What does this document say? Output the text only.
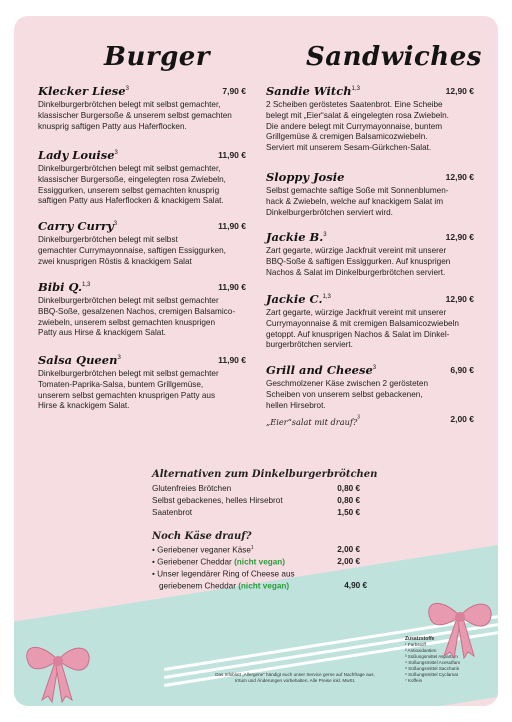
Burger	Sandwiches
Klecker Liese$^3$	7,90 €
Dinkelburgerbrötchen belegt mit selbst gemachter,
klassischer Burgersoße & unserem selbst gemachten
knusprig saftigen Patty aus Haferflocken.
Lady Louise$^3$	11,90 €
Dinkelburgerbrötchen belegt mit selbst gemachter,
klassischer Burgersoße, eingelegten rosa Zwiebeln,
Essiggurken, unserem selbst gemachten knusprig
saftigen Patty aus Haferflocken & knackigem Salat.
Carry Curry$^3$	11,90 €
Dinkelburgerbrötchen belegt mit selbst
gemachter Currymayonnaise, saftigen Essiggurken,
zwei knusprigen Röstis & knackigem Salat
Bibi Q.$^{1,3}$	11,90 €
Dinkelburgerbrötchen belegt mit selbst gemachter
BBQ-Soße, gesalzenen Nachos, cremigen Balsamico-
zwiebeln, unserem selbst gemachten knusprigen
Patty aus Hirse & knackigem Salat.
Salsa Queen$^3$	11,90 €
Dinkelburgerbrötchen belegt mit selbst gemachter
Tomaten-Paprika-Salsa, buntem Grillgemüse,
unserem selbst gemachten knusprigen Patty aus
Hirse & knackigem Salat.
Sandie Witch$^{1,3}$	12,90 €
2 Scheiben geröstetes Saatenbrot. Eine Scheibe
belegt mit „Eier“salat & eingelegten rosa Zwiebeln.
Die andere belegt mit Currymayonnaise, buntem
Grillgemüse & cremigen Balsamicozwiebeln.
Serviert mit unserem Sesam-Gürkchen-Salat.
Sloppy Josie	12,90 €
Selbst gemachte saftige Soße mit Sonnenblumen-
hack & Zwiebeln, welche auf knackigem Salat im
Dinkelburgerbrötchen serviert wird.
Jackie B.$^3$	12,90 €
Zart gegarte, würzige Jackfruit vereint mit unserer
BBQ-Soße & saftigen Essiggurken. Auf knusprigen
Nachos & Salat im Dinkelburgerbrötchen serviert.
Jackie C.$^{1,3}$	12,90 €
Zart gegarte, würzige Jackfruit vereint mit unserer
Currymayonnaise & mit cremigen Balsamicozwiebeln
getoppt. Auf knusprigen Nachos & Salat im Dinkel-
burgerbrötchen serviert.
Grill and Cheese$^3$	6,90 €
Geschmolzener Käse zwischen 2 gerösteten
Scheiben von unserem selbst gebackenen,
hellen Hirsebrot.
„Eier“salat mit drauf?$^3$	2,00 €
Alternativen zum Dinkelburgerbrötchen
Glutenfreies Brötchen	0,80 €
Selbst gebackenes, helles Hirsebrot	0,80 €
Saatenbrot	1,50 €
Noch Käse drauf?
• Geriebener veganer Käse$^1$	2,00 €
• Geriebener Cheddar (nicht vegan)	2,00 €
• Unser legendärer Ring of Cheese aus
geriebenem Cheddar (nicht vegan)	4,90 €
Zusatzstoffe
¹ Farbstoff
² Antioxidantien
³ Süßungsmittel Aspartam
⁴ Süßungsmittel Acesulfam
⁵ Süßungsmittel Saccharin
⁶ Süßungsmittel Cyclamat
⁷ Koffein
Das Infoblatt „Allergene“ händigt euch unser Service gerne auf Nachfrage aus.
Irrtum und Änderungen vorbehalten. Alle Preise inkl. MwSt.
